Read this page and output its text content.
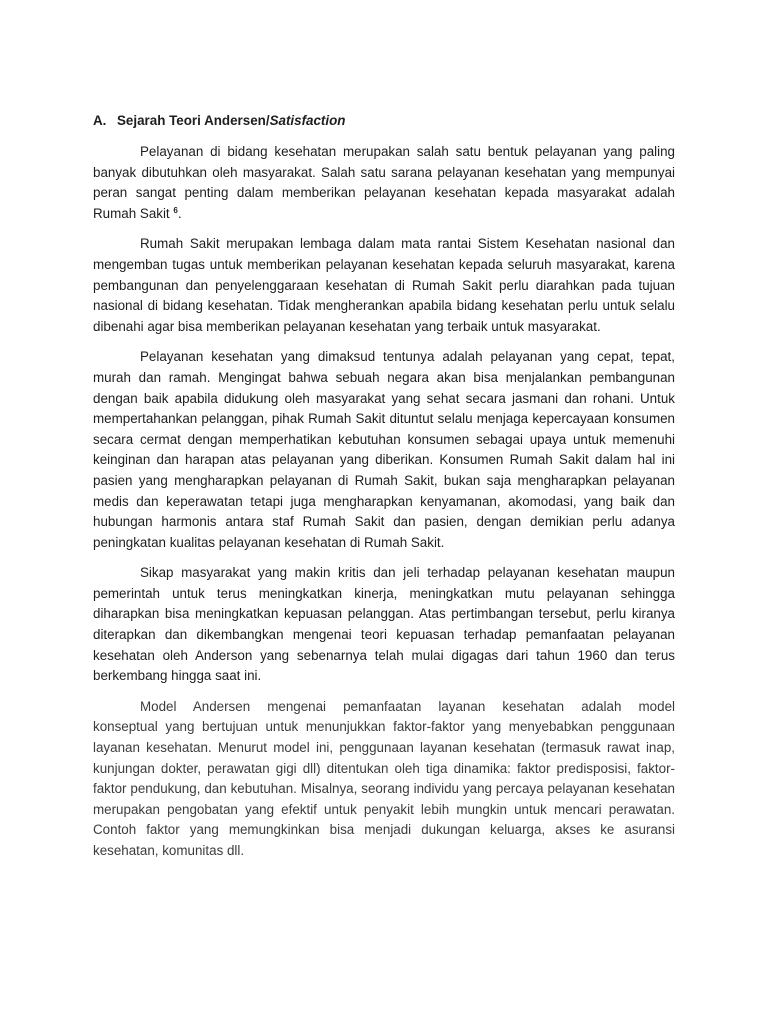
A. Sejarah Teori Andersen/Satisfaction

Pelayanan di bidang kesehatan merupakan salah satu bentuk pelayanan yang paling banyak dibutuhkan oleh masyarakat. Salah satu sarana pelayanan kesehatan yang mempunyai peran sangat penting dalam memberikan pelayanan kesehatan kepada masyarakat adalah Rumah Sakit $^6$.

Rumah Sakit merupakan lembaga dalam mata rantai Sistem Kesehatan nasional dan mengemban tugas untuk memberikan pelayanan kesehatan kepada seluruh masyarakat, karena pembangunan dan penyelenggaraan kesehatan di Rumah Sakit perlu diarahkan pada tujuan nasional di bidang kesehatan. Tidak mengherankan apabila bidang kesehatan perlu untuk selalu dibenahi agar bisa memberikan pelayanan kesehatan yang terbaik untuk masyarakat.

Pelayanan kesehatan yang dimaksud tentunya adalah pelayanan yang cepat, tepat, murah dan ramah. Mengingat bahwa sebuah negara akan bisa menjalankan pembangunan dengan baik apabila didukung oleh masyarakat yang sehat secara jasmani dan rohani. Untuk mempertahankan pelanggan, pihak Rumah Sakit dituntut selalu menjaga kepercayaan konsumen secara cermat dengan memperhatikan kebutuhan konsumen sebagai upaya untuk memenuhi keinginan dan harapan atas pelayanan yang diberikan. Konsumen Rumah Sakit dalam hal ini pasien yang mengharapkan pelayanan di Rumah Sakit, bukan saja mengharapkan pelayanan medis dan keperawatan tetapi juga mengharapkan kenyamanan, akomodasi, yang baik dan hubungan harmonis antara staf Rumah Sakit dan pasien, dengan demikian perlu adanya peningkatan kualitas pelayanan kesehatan di Rumah Sakit.

Sikap masyarakat yang makin kritis dan jeli terhadap pelayanan kesehatan maupun pemerintah untuk terus meningkatkan kinerja, meningkatkan mutu pelayanan sehingga diharapkan bisa meningkatkan kepuasan pelanggan. Atas pertimbangan tersebut, perlu kiranya diterapkan dan dikembangkan mengenai teori kepuasan terhadap pemanfaatan pelayanan kesehatan oleh Anderson yang sebenarnya telah mulai digagas dari tahun 1960 dan terus berkembang hingga saat ini.

Model Andersen mengenai pemanfaatan layanan kesehatan adalah model

konseptual yang bertujuan untuk menunjukkan faktor-faktor yang menyebabkan penggunaan layanan kesehatan. Menurut model ini, penggunaan layanan kesehatan (termasuk rawat inap, kunjungan dokter, perawatan gigi dll) ditentukan oleh tiga dinamika: faktor predisposisi, faktor-faktor pendukung, dan kebutuhan. Misalnya, seorang individu yang percaya pelayanan kesehatan merupakan pengobatan yang efektif untuk penyakit lebih mungkin untuk mencari perawatan. Contoh faktor yang memungkinkan bisa menjadi dukungan keluarga, akses ke asuransi kesehatan, komunitas dll.
